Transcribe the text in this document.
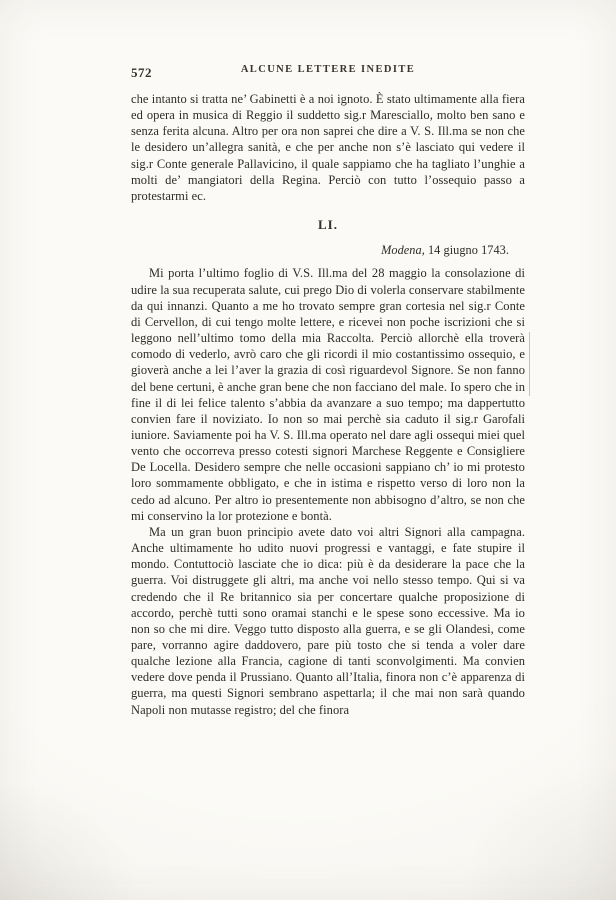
572	ALCUNE LETTERE INEDITE

che intanto si tratta ne’ Gabinetti è a noi ignoto. È stato ultimamente alla fiera ed opera in musica di Reggio il suddetto sig.r Maresciallo, molto ben sano e senza ferita alcuna. Altro per ora non saprei che dire a V. S. Ill.ma se non che le desidero un’allegra sanità, e che per anche non s’è lasciato qui vedere il sig.r Conte generale Pallavicino, il quale sappiamo che ha tagliato l’unghie a molti de’ mangiatori della Regina. Perciò con tutto l’ossequio passo a protestarmi ec.

LI.

Modena, 14 giugno 1743.

Mi porta l’ultimo foglio di V.S. Ill.ma del 28 maggio la consolazione di udire la sua recuperata salute, cui prego Dio di volerla conservare stabilmente da qui innanzi. Quanto a me ho trovato sempre gran cortesia nel sig.r Conte di Cervellon, di cui tengo molte lettere, e ricevei non poche iscrizioni che si leggono nell’ultimo tomo della mia Raccolta. Perciò allorchè ella troverà comodo di vederlo, avrò caro che gli ricordi il mio costantissimo ossequio, e gioverà anche a lei l’aver la grazia di così riguardevol Signore. Se non fanno del bene certuni, è anche gran bene che non facciano del male. Io spero che in fine il di lei felice talento s’abbia da avanzare a suo tempo; ma dappertutto convien fare il noviziato. Io non so mai perchè sia caduto il sig.r Garofali iuniore. Saviamente poi ha V. S. Ill.ma operato nel dare agli ossequi miei quel vento che occorreva presso cotesti signori Marchese Reggente e Consigliere De Locella. Desidero sempre che nelle occasioni sappiano ch’ io mi protesto loro sommamente obbligato, e che in istima e rispetto verso di loro non la cedo ad alcuno. Per altro io presentemente non abbisogno d’altro, se non che mi conservino la lor protezione e bontà.

Ma un gran buon principio avete dato voi altri Signori alla campagna. Anche ultimamente ho udito nuovi progressi e vantaggi, e fate stupire il mondo. Contuttociò lasciate che io dica: più è da desiderare la pace che la guerra. Voi distruggete gli altri, ma anche voi nello stesso tempo. Qui si va credendo che il Re britannico sia per concertare qualche proposizione di accordo, perchè tutti sono oramai stanchi e le spese sono eccessive. Ma io non so che mi dire. Veggo tutto disposto alla guerra, e se gli Olandesi, come pare, vorranno agire daddovero, pare più tosto che si tenda a voler dare qualche lezione alla Francia, cagione di tanti sconvolgimenti. Ma convien vedere dove penda il Prussiano. Quanto all’Italia, finora non c’è apparenza di guerra, ma questi Signori sembrano aspettarla; il che mai non sarà quando Napoli non mutasse registro; del che finora
